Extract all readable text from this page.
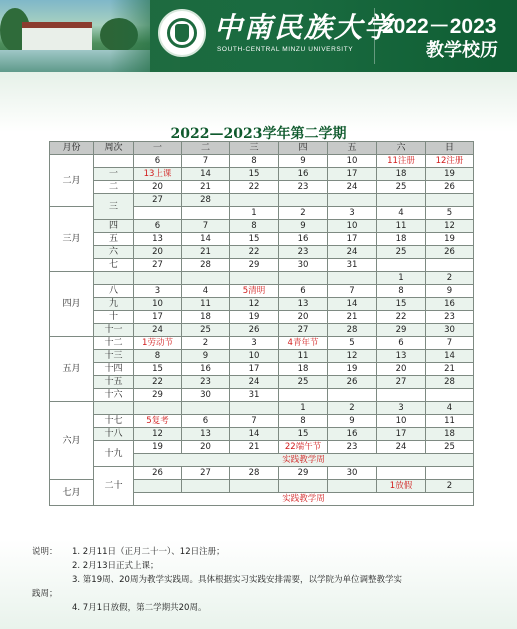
中南民族大学
SOUTH-CENTRAL MINZU UNIVERSITY
2022－2023
教学校历
2022—2023学年第二学期
月份	周次	一	二	三	四	五	六	日
二月		6	7	8	9	10	11注册	12注册
	一	13上课	14	15	16	17	18	19
	二	20	21	22	23	24	25	26
	三	27	28					
三月				1	2	3	4	5
	四	6	7	8	9	10	11	12
	五	13	14	15	16	17	18	19
	六	20	21	22	23	24	25	26
	七	27	28	29	30	31		
四月							1	2
	八	3	4	5清明	6	7	8	9
	九	10	11	12	13	14	15	16
	十	17	18	19	20	21	22	23
	十一	24	25	26	27	28	29	30
五月	十二	1劳动节	2	3	4青年节	5	6	7
	十三	8	9	10	11	12	13	14
	十四	15	16	17	18	19	20	21
	十五	22	23	24	25	26	27	28
	十六	29	30	31				
六月					1	2	3	4
	十七	5复考	6	7	8	9	10	11
	十八	12	13	14	15	16	17	18
	十九	19	20	21	22端午节	23	24	25
		实践教学周						
	二十	26	27	28	29	30		
七月							1放假	2
		实践教学周						
说明：	1. 2月11日（正月二十一）、12日注册；
2. 2月13日正式上课；
3. 第19周、20周为教学实践周。具体根据实习实践安排需要，以学院为单位调整教学实
践周；
4. 7月1日放假，第二学期共20周。
